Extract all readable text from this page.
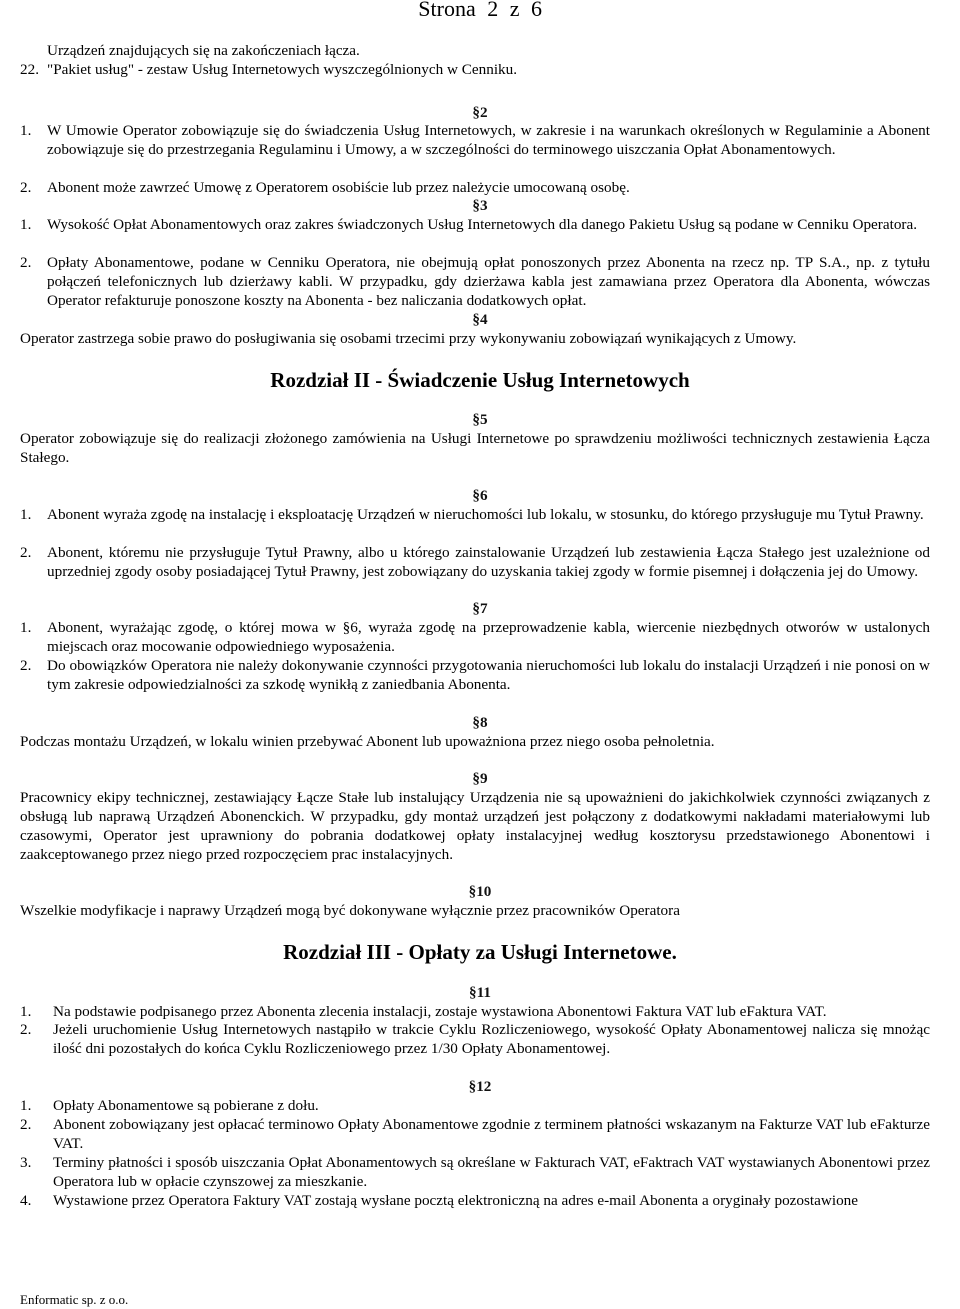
Strona 2 z 6

Urządzeń znajdujących się na zakończeniach łącza.

22. "Pakiet usług" - zestaw Usług Internetowych wyszczególnionych w Cenniku.
§2
1.	W Umowie Operator zobowiązuje się do świadczenia Usług Internetowych, w zakresie i na warunkach określonych w Regulaminie a Abonent zobowiązuje się do przestrzegania Regulaminu i Umowy, a w szczególności do terminowego uiszczania Opłat Abonamentowych.
2.	Abonent może zawrzeć Umowę z Operatorem osobiście lub przez należycie umocowaną osobę.
§3
1.	Wysokość Opłat Abonamentowych oraz zakres świadczonych Usług Internetowych dla danego Pakietu Usług są podane w Cenniku Operatora.
2.	Opłaty Abonamentowe, podane w Cenniku Operatora, nie obejmują opłat ponoszonych przez Abonenta na rzecz np. TP S.A., np. z tytułu połączeń telefonicznych lub dzierżawy kabli. W przypadku, gdy dzierżawa kabla jest zamawiana przez Operatora dla Abonenta, wówczas Operator refakturuje ponoszone koszty na Abonenta - bez naliczania dodatkowych opłat.
§4

Operator zastrzega sobie prawo do posługiwania się osobami trzecimi przy wykonywaniu zobowiązań wynikających z Umowy.

Rozdział II - Świadczenie Usług Internetowych
§5

Operator zobowiązuje się do realizacji złożonego zamówienia na Usługi Internetowe po sprawdzeniu możliwości technicznych zestawienia Łącza Stałego.

§6
1.	Abonent wyraża zgodę na instalację i eksploatację Urządzeń w nieruchomości lub lokalu, w stosunku, do którego przysługuje mu Tytuł Prawny.
2.	Abonent, któremu nie przysługuje Tytuł Prawny, albo u którego zainstalowanie Urządzeń lub zestawienia Łącza Stałego jest uzależnione od uprzedniej zgody osoby posiadającej Tytuł Prawny, jest zobowiązany do uzyskania takiej zgody w formie pisemnej i dołączenia jej do Umowy.
§7
1.	Abonent, wyrażając zgodę, o której mowa w §6, wyraża zgodę na przeprowadzenie kabla, wiercenie niezbędnych otworów w ustalonych miejscach oraz mocowanie odpowiedniego wyposażenia.
2.	Do obowiązków Operatora nie należy dokonywanie czynności przygotowania nieruchomości lub lokalu do instalacji Urządzeń i nie ponosi on w tym zakresie odpowiedzialności za szkodę wynikłą z zaniedbania Abonenta.
§8

Podczas montażu Urządzeń, w lokalu winien przebywać Abonent lub upoważniona przez niego osoba pełnoletnia.

§9

Pracownicy ekipy technicznej, zestawiający Łącze Stałe lub instalujący Urządzenia nie są upoważnieni do jakichkolwiek czynności związanych z obsługą lub naprawą Urządzeń Abonenckich. W przypadku, gdy montaż urządzeń jest połączony z dodatkowymi nakładami materiałowymi lub czasowymi, Operator jest uprawniony do pobrania dodatkowej opłaty instalacyjnej według kosztorysu przedstawionego Abonentowi i zaakceptowanego przez niego przed rozpoczęciem prac instalacyjnych.

§10

Wszelkie modyfikacje i naprawy Urządzeń mogą być dokonywane wyłącznie przez pracowników Operatora

Rozdział III - Opłaty za Usługi Internetowe.
§11
1.	Na podstawie podpisanego przez Abonenta zlecenia instalacji, zostaje wystawiona Abonentowi Faktura VAT lub eFaktura VAT.
2.	Jeżeli uruchomienie Usług Internetowych nastąpiło w trakcie Cyklu Rozliczeniowego, wysokość Opłaty Abonamentowej nalicza się mnożąc ilość dni pozostałych do końca Cyklu Rozliczeniowego przez 1/30 Opłaty Abonamentowej.
§12
1.	Opłaty Abonamentowe są pobierane z dołu.
2.	Abonent zobowiązany jest opłacać terminowo Opłaty Abonamentowe zgodnie z terminem płatności wskazanym na Fakturze VAT lub eFakturze VAT.
3.	Terminy płatności i sposób uiszczania Opłat Abonamentowych są określane w Fakturach VAT, eFaktrach VAT wystawianych Abonentowi przez Operatora lub w opłacie czynszowej za mieszkanie.
4.	Wystawione przez Operatora Faktury VAT zostają wysłane pocztą elektroniczną na adres e-mail Abonenta a oryginały pozostawione
Enformatic sp. z o.o.
